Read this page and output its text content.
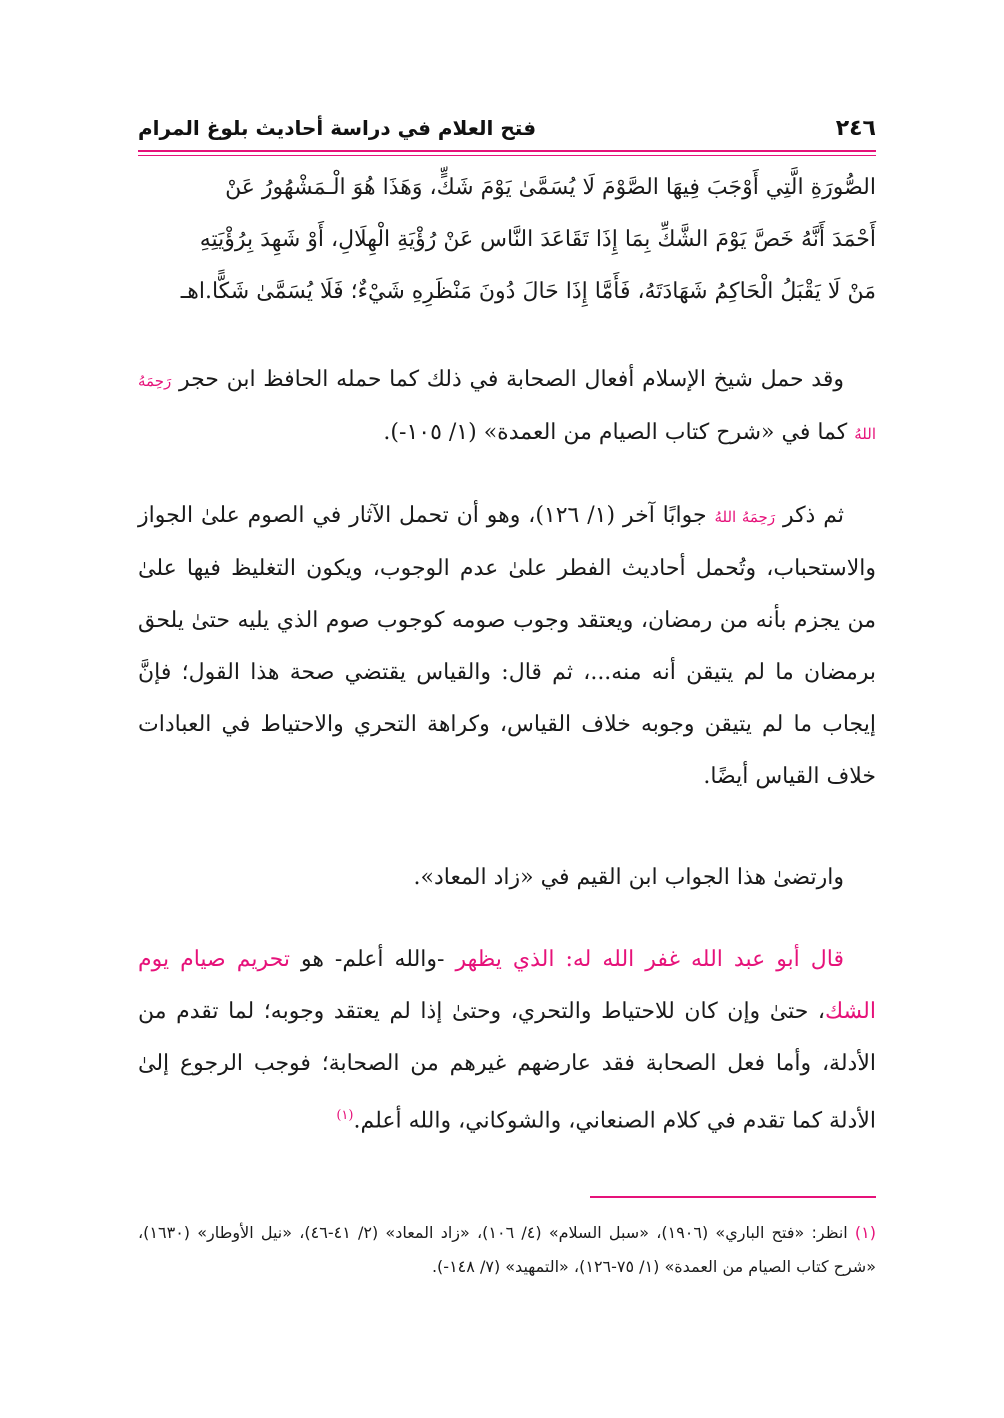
٢٤٦
فتح العلام في دراسة أحاديث بلوغ المرام
الصُّورَةِ الَّتِي أَوْجَبَ فِيهَا الصَّوْمَ لَا يُسَمَّىٰ يَوْمَ شَكٍّ، وَهَذَا هُوَ الْـمَشْهُورُ عَنْ
أَحْمَدَ أَنَّهُ خَصَّ يَوْمَ الشَّكِّ بِمَا إِذَا تَقَاعَدَ النَّاس عَنْ رُؤْيَةِ الْهِلَالِ، أَوْ شَهِدَ بِرُؤْيَتِهِ
مَنْ لَا يَقْبَلُ الْحَاكِمُ شَهَادَتَهُ، فَأَمَّا إِذَا حَالَ دُونَ مَنْظَرِهِ شَيْءٌ؛ فَلَا يُسَمَّىٰ شَكًّا.اهـ

وقد حمل شيخ الإسلام أفعال الصحابة في ذلك كما حمله الحافظ ابن حجر رَحِمَهُ اللهُ كما في «شرح كتاب الصيام من العمدة» (١/ ١٠٥-).

ثم ذكر رَحِمَهُ اللهُ جوابًا آخر (١/ ١٢٦)، وهو أن تحمل الآثار في الصوم علىٰ الجواز والاستحباب، وتُحمل أحاديث الفطر علىٰ عدم الوجوب، ويكون التغليظ فيها علىٰ من يجزم بأنه من رمضان، ويعتقد وجوب صومه كوجوب صوم الذي يليه حتىٰ يلحق برمضان ما لم يتيقن أنه منه...، ثم قال: والقياس يقتضي صحة هذا القول؛ فإنَّ إيجاب ما لم يتيقن وجوبه خلاف القياس، وكراهة التحري والاحتياط في العبادات خلاف القياس أيضًا.

وارتضىٰ هذا الجواب ابن القيم في «زاد المعاد».

قال أبو عبد الله غفر الله له: الذي يظهر -والله أعلم- هو تحريم صيام يوم الشك، حتىٰ وإن كان للاحتياط والتحري، وحتىٰ إذا لم يعتقد وجوبه؛ لما تقدم من الأدلة، وأما فعل الصحابة فقد عارضهم غيرهم من الصحابة؛ فوجب الرجوع إلىٰ الأدلة كما تقدم في كلام الصنعاني، والشوكاني، والله أعلم.$^{(١)}$

(١) انظر: «فتح الباري» (١٩٠٦)، «سبل السلام» (٤/ ١٠٦)، «زاد المعاد» (٢/ ٤١-٤٦)، «نيل الأوطار» (١٦٣٠)، «شرح كتاب الصيام من العمدة» (١/ ٧٥-١٢٦)، «التمهيد» (٧/ ١٤٨-).
